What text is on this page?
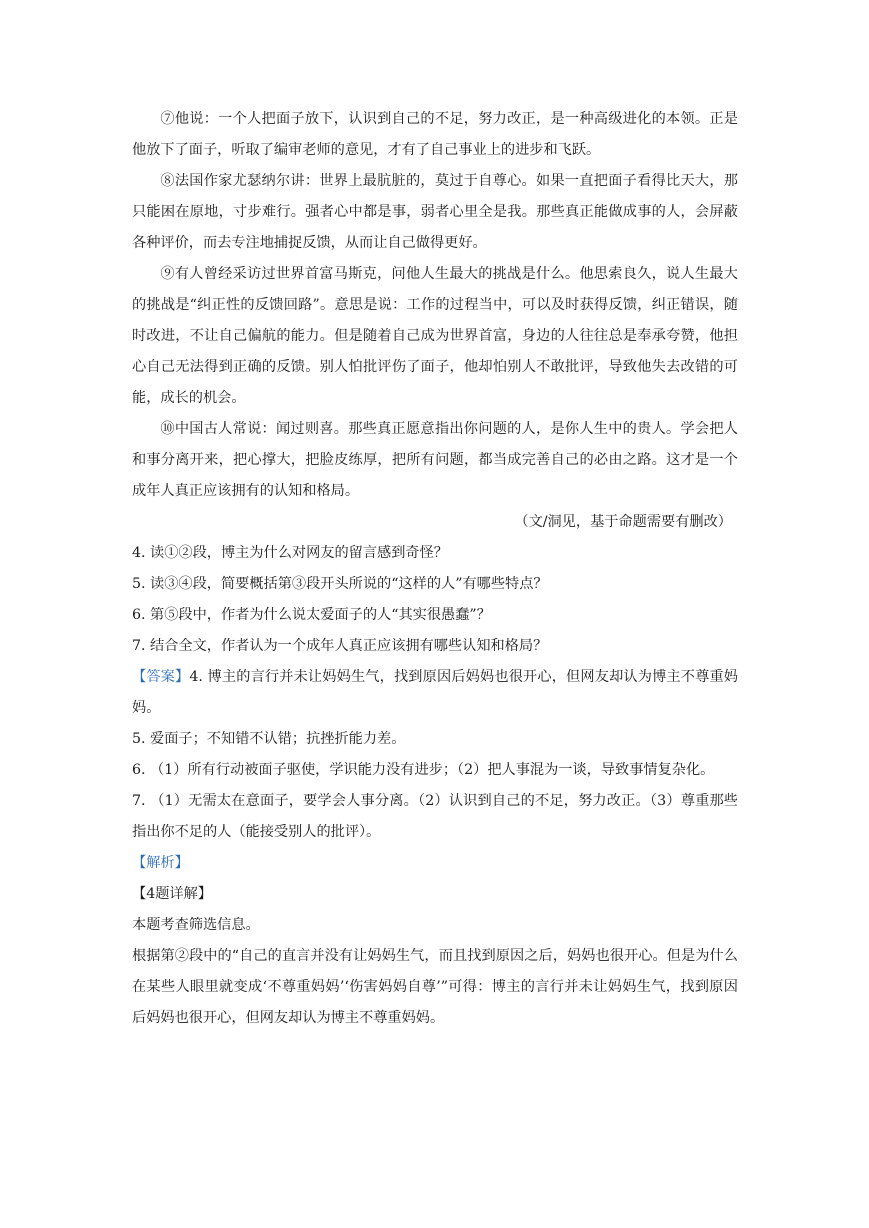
⑦他说：一个人把面子放下，认识到自己的不足，努力改正，是一种高级进化的本领。正是他放下了面子，听取了编审老师的意见，才有了自己事业上的进步和飞跃。

⑧法国作家尤瑟纳尔讲：世界上最肮脏的，莫过于自尊心。如果一直把面子看得比天大，那只能困在原地，寸步难行。强者心中都是事，弱者心里全是我。那些真正能做成事的人，会屏蔽各种评价，而去专注地捕捉反馈，从而让自己做得更好。

⑨有人曾经采访过世界首富马斯克，问他人生最大的挑战是什么。他思索良久，说人生最大的挑战是“纠正性的反馈回路”。意思是说：工作的过程当中，可以及时获得反馈，纠正错误，随时改进，不让自己偏航的能力。但是随着自己成为世界首富，身边的人往往总是奉承夸赞，他担心自己无法得到正确的反馈。别人怕批评伤了面子，他却怕别人不敢批评，导致他失去改错的可能，成长的机会。

⑩中国古人常说：闻过则喜。那些真正愿意指出你问题的人，是你人生中的贵人。学会把人和事分离开来，把心撑大，把脸皮练厚，把所有问题，都当成完善自己的必由之路。这才是一个成年人真正应该拥有的认知和格局。

（文/洞见，基于命题需要有删改）

4. 读①②段，博主为什么对网友的留言感到奇怪？

5. 读③④段，简要概括第③段开头所说的“这样的人”有哪些特点？

6. 第⑤段中，作者为什么说太爱面子的人“其实很愚蠢”？

7. 结合全文，作者认为一个成年人真正应该拥有哪些认知和格局？

【答案】4. 博主的言行并未让妈妈生气，找到原因后妈妈也很开心，但网友却认为博主不尊重妈妈。

5. 爱面子；不知错不认错；抗挫折能力差。

6. （1）所有行动被面子驱使，学识能力没有进步；（2）把人事混为一谈，导致事情复杂化。

7. （1）无需太在意面子，要学会人事分离。（2）认识到自己的不足，努力改正。（3）尊重那些指出你不足的人（能接受别人的批评）。

【解析】

【4题详解】

本题考查筛选信息。

根据第②段中的“自己的直言并没有让妈妈生气，而且找到原因之后，妈妈也很开心。但是为什么在某些人眼里就变成‘不尊重妈妈’‘伤害妈妈自尊’”可得：博主的言行并未让妈妈生气，找到原因后妈妈也很开心，但网友却认为博主不尊重妈妈。
